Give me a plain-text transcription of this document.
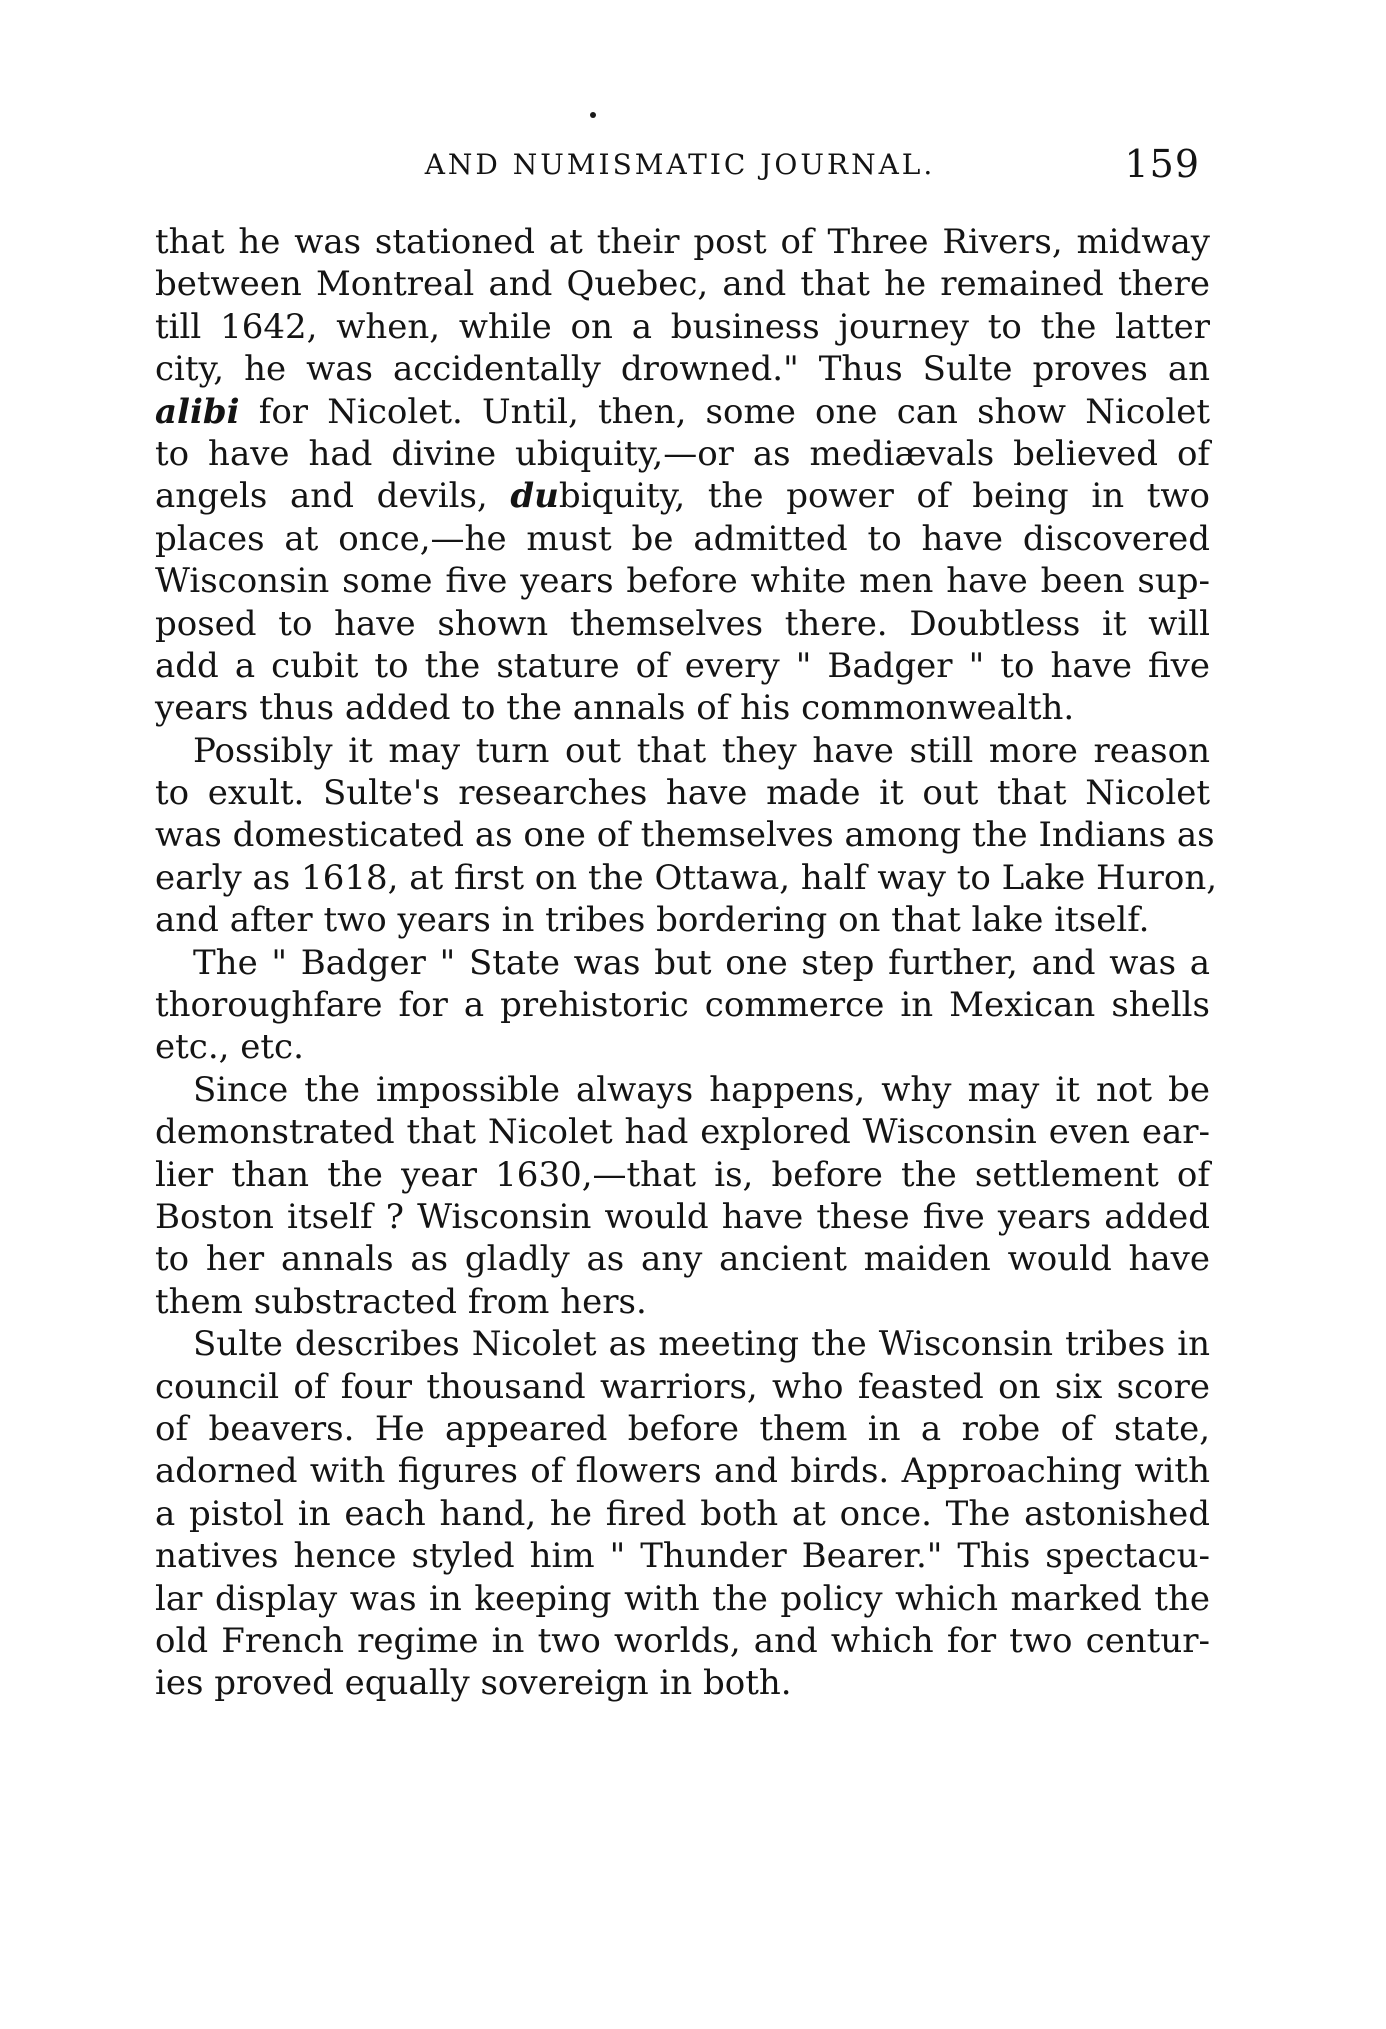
AND NUMISMATIC JOURNAL.	159
that he was stationed at their post of Three Rivers, midway
between Montreal and Quebec, and that he remained there
till 1642, when, while on a business journey to the latter
city, he was accidentally drowned." Thus Sulte proves an
alibi for Nicolet. Until, then, some one can show Nicolet
to have had divine ubiquity,—or as mediævals believed of
angels and devils, dubiquity, the power of being in two
places at once,—he must be admitted to have discovered
Wisconsin some five years before white men have been sup-
posed to have shown themselves there. Doubtless it will
add a cubit to the stature of every " Badger " to have five
years thus added to the annals of his commonwealth.
Possibly it may turn out that they have still more reason
to exult. Sulte's researches have made it out that Nicolet
was domesticated as one of themselves among the Indians as
early as 1618, at first on the Ottawa, half way to Lake Huron,
and after two years in tribes bordering on that lake itself.
The " Badger " State was but one step further, and was a
thoroughfare for a prehistoric commerce in Mexican shells
etc., etc.
Since the impossible always happens, why may it not be
demonstrated that Nicolet had explored Wisconsin even ear-
lier than the year 1630,—that is, before the settlement of
Boston itself ? Wisconsin would have these five years added
to her annals as gladly as any ancient maiden would have
them substracted from hers.
Sulte describes Nicolet as meeting the Wisconsin tribes in
council of four thousand warriors, who feasted on six score
of beavers. He appeared before them in a robe of state,
adorned with figures of flowers and birds. Approaching with
a pistol in each hand, he fired both at once. The astonished
natives hence styled him " Thunder Bearer." This spectacu-
lar display was in keeping with the policy which marked the
old French regime in two worlds, and which for two centur-
ies proved equally sovereign in both.
